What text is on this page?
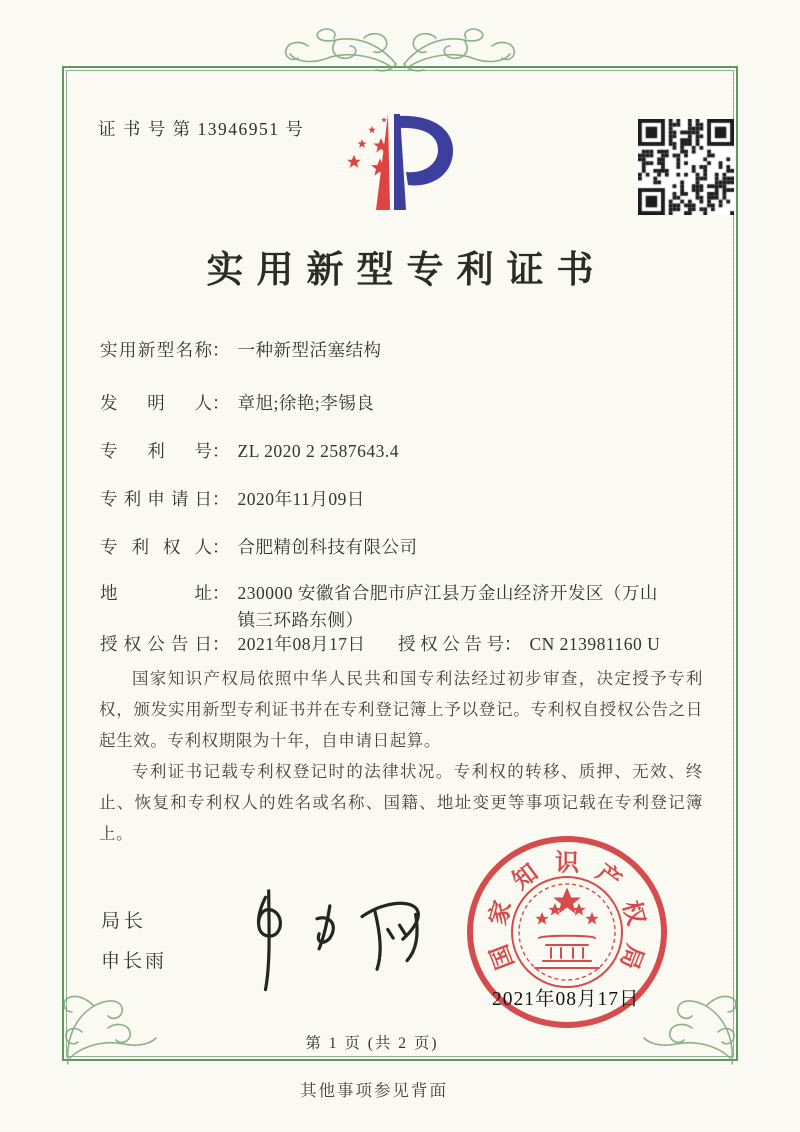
证 书 号 第 13946951 号
实用新型专利证书
实用新型名称： 一种新型活塞结构
发明人： 章旭;徐艳;李锡良
专利号： ZL 2020 2 2587643.4
专利申请日： 2020年11月09日
专利权人： 合肥精创科技有限公司
地址： 230000 安徽省合肥市庐江县万金山经济开发区（万山镇三环路东侧）
授权公告日： 2021年08月17日 授权公告号： CN 213981160 U

国家知识产权局依照中华人民共和国专利法经过初步审查，决定授予专利权，颁发实用新型专利证书并在专利登记簿上予以登记。专利权自授权公告之日起生效。专利权期限为十年，自申请日起算。

专利证书记载专利权登记时的法律状况。专利权的转移、质押、无效、终止、恢复和专利权人的姓名或名称、国籍、地址变更等事项记载在专利登记簿上。

局长
申长雨	国
家
知 识 产
权
局
2021年08月17日
第 1 页 (共 2 页)
其他事项参见背面
